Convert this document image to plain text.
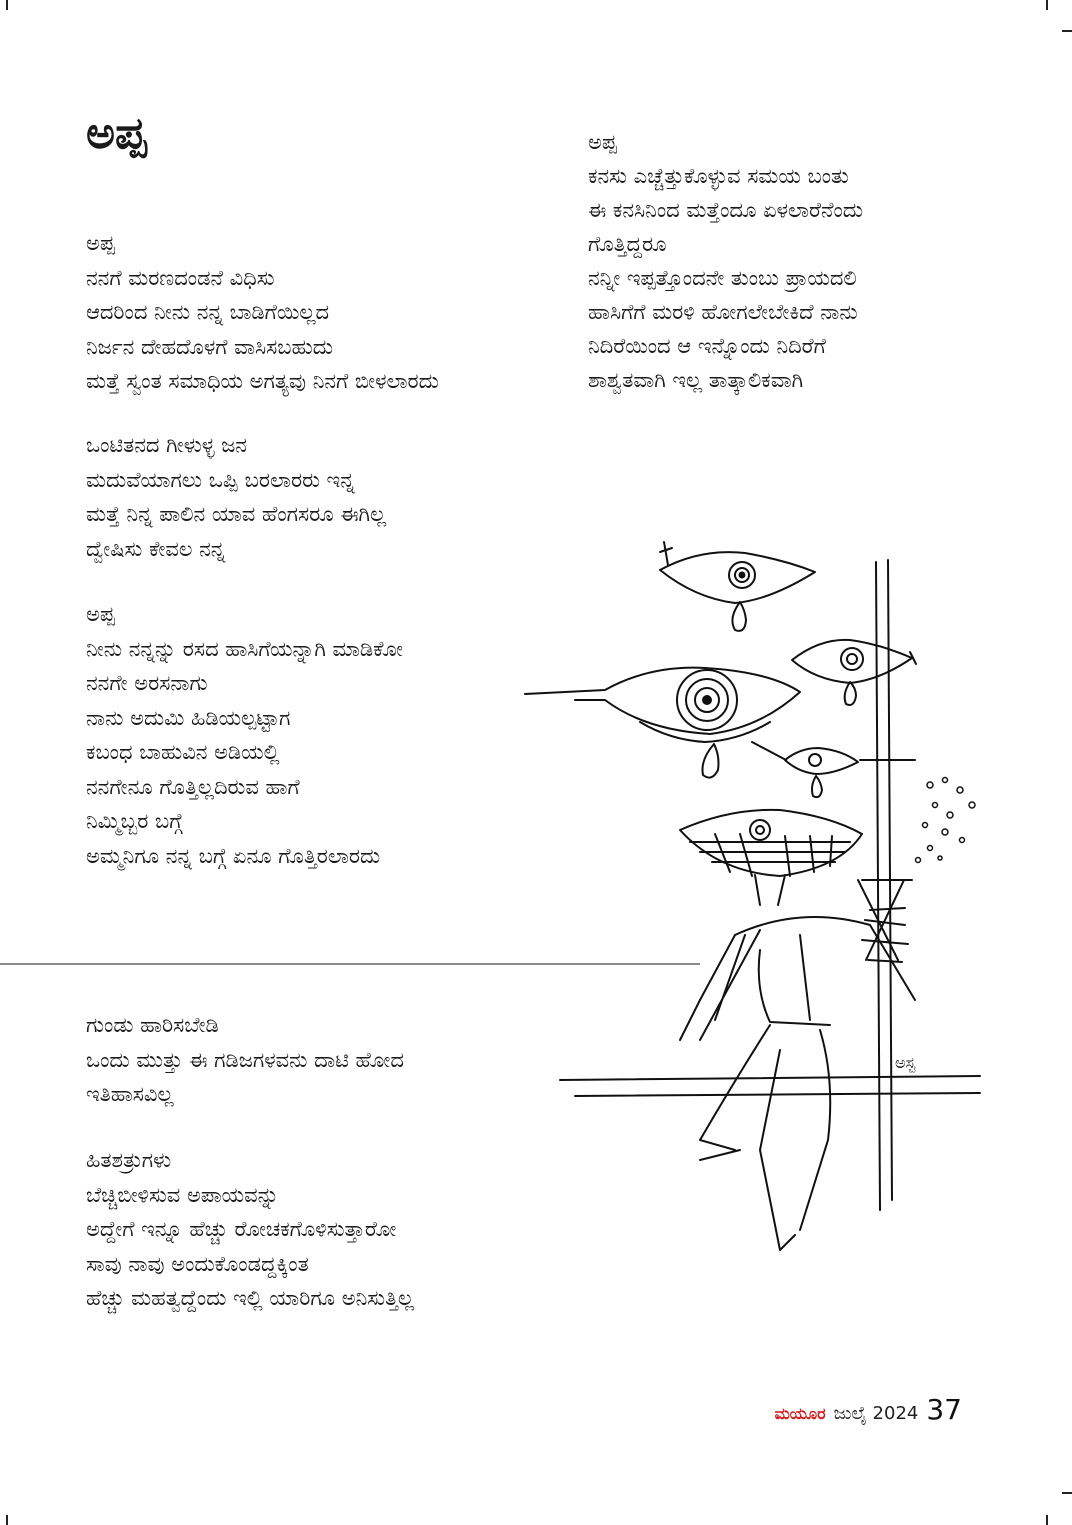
ಅಪ್ಪ
ಅಪ್ಪ
ನನಗೆ ಮರಣದಂಡನೆ ವಿಧಿಸು
ಆದರಿಂದ ನೀನು ನನ್ನ ಬಾಡಿಗೆಯಿಲ್ಲದ
ನಿರ್ಜನ ದೇಹದೊಳಗೆ ವಾಸಿಸಬಹುದು
ಮತ್ತೆ ಸ್ವಂತ ಸಮಾಧಿಯ ಅಗತ್ಯವು ನಿನಗೆ ಬೀಳಲಾರದು
ಒಂಟಿತನದ ಗೀಳುಳ್ಳ ಜನ
ಮದುವೆಯಾಗಲು ಒಪ್ಪಿ ಬರಲಾರರು ಇನ್ನ
ಮತ್ತೆ ನಿನ್ನ ಪಾಲಿನ ಯಾವ ಹೆಂಗಸರೂ ಈಗಿಲ್ಲ
ದ್ವೇಷಿಸು ಕೇವಲ ನನ್ನ
ಅಪ್ಪ
ನೀನು ನನ್ನನ್ನು ರಸದ ಹಾಸಿಗೆಯನ್ನಾಗಿ ಮಾಡಿಕೋ
ನನಗೇ ಅರಸನಾಗು
ನಾನು ಅದುಮಿ ಹಿಡಿಯಲ್ಪಟ್ಟಾಗ
ಕಬಂಧ ಬಾಹುವಿನ ಅಡಿಯಲ್ಲಿ
ನನಗೇನೂ ಗೊತ್ತಿಲ್ಲದಿರುವ ಹಾಗೆ
ನಿಮ್ಮಿಬ್ಬರ ಬಗ್ಗೆ
ಅಮ್ಮನಿಗೂ ನನ್ನ ಬಗ್ಗೆ ಏನೂ ಗೊತ್ತಿರಲಾರದು
ಗುಂಡು ಹಾರಿಸಬೇಡಿ
ಒಂದು ಮುತ್ತು ಈ ಗಡಿಜಗಳವನು ದಾಟಿ ಹೋದ
ಇತಿಹಾಸವಿಲ್ಲ
ಹಿತಶತ್ರುಗಳು
ಬೆಚ್ಚಿಬೀಳಿಸುವ ಅಪಾಯವನ್ನು
ಅದ್ದೇಗೆ ಇನ್ನೂ ಹೆಚ್ಚು ರೋಚಕಗೊಳಿಸುತ್ತಾರೋ
ಸಾವು ನಾವು ಅಂದುಕೊಂಡದ್ದಕ್ಕಿಂತ
ಹೆಚ್ಚು ಮಹತ್ವದ್ದೆಂದು ಇಲ್ಲಿ ಯಾರಿಗೂ ಅನಿಸುತ್ತಿಲ್ಲ
ಅಪ್ಪ
ಕನಸು ಎಚ್ಚೆತ್ತುಕೊಳ್ಳುವ ಸಮಯ ಬಂತು
ಈ ಕನಸಿನಿಂದ ಮತ್ತೆಂದೂ ಏಳಲಾರೆನೆಂದು
ಗೊತ್ತಿದ್ದರೂ
ನನ್ನೀ ಇಪ್ಪತ್ತೊಂದನೇ ತುಂಬು ಪ್ರಾಯದಲಿ
ಹಾಸಿಗೆಗೆ ಮರಳಿ ಹೋಗಲೇಬೇಕಿದೆ ನಾನು
ನಿದಿರೆಯಿಂದ ಆ ಇನ್ನೊಂದು ನಿದಿರೆಗೆ
ಶಾಶ್ವತವಾಗಿ ಇಲ್ಲ ತಾತ್ಕಾಲಿಕವಾಗಿ
ಅಸ್ಟ
ಮಯೂರ ಜುಲೈ 2024 37
